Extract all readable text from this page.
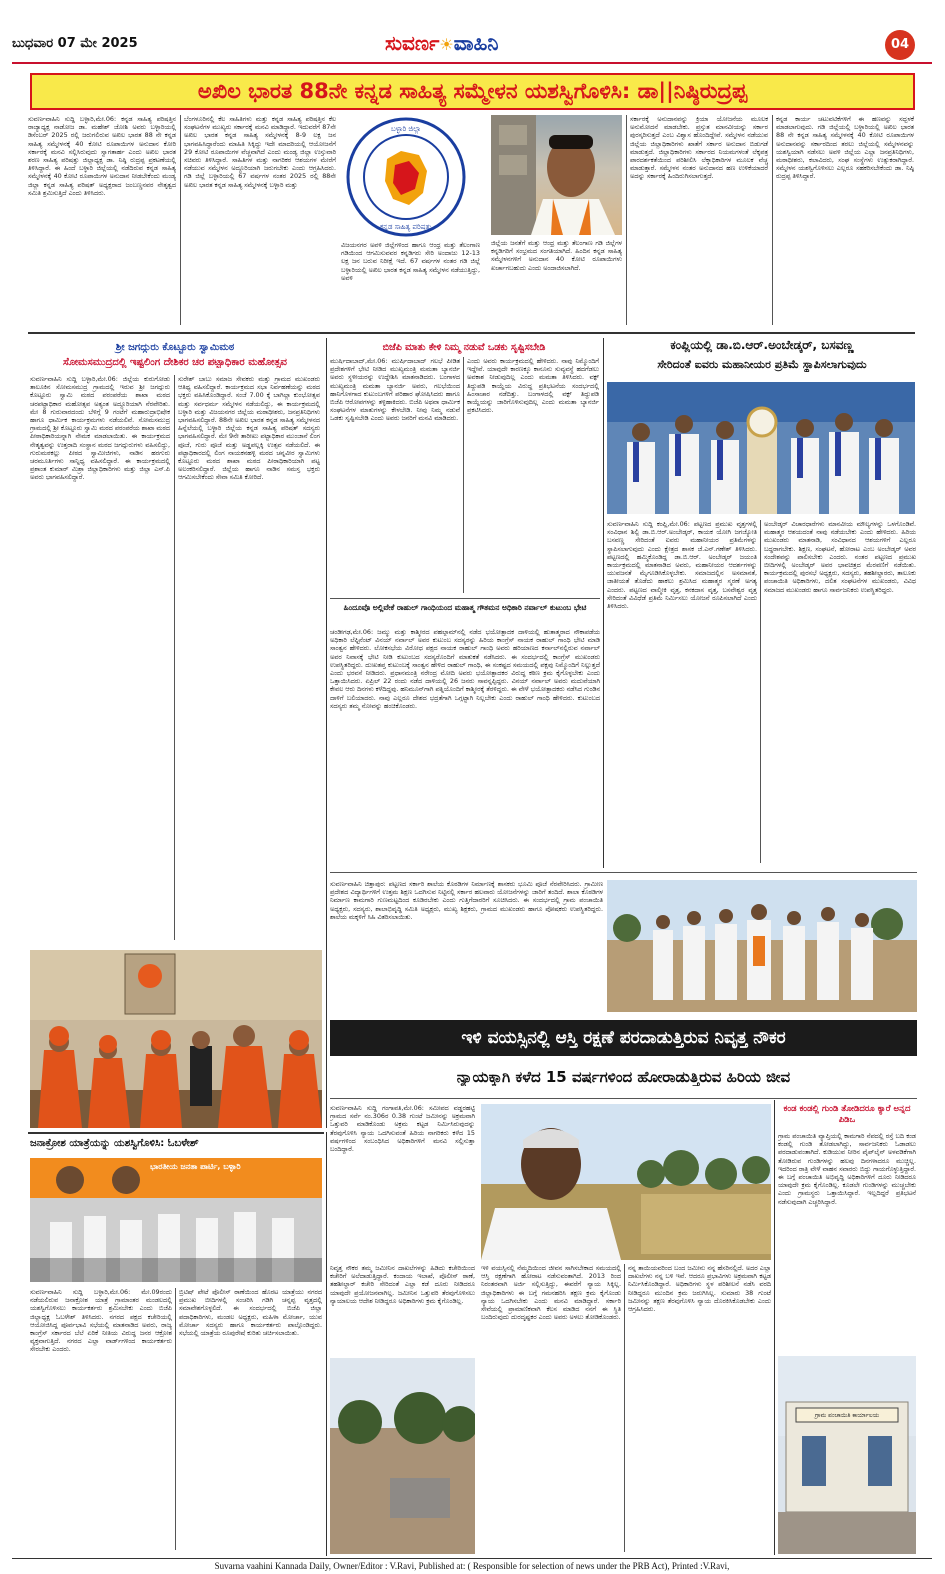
ಬುಧವಾರ 07 ಮೇ 2025	ಸುವರ್ಣ☀ವಾಹಿನಿ	04
ಅಖಿಲ ಭಾರತ 88ನೇ ಕನ್ನಡ ಸಾಹಿತ್ಯ ಸಮ್ಮೇಳನ ಯಶಸ್ವಿಗೊಳಿಸಿ: ಡಾ||ನಿಷ್ಠಿರುದ್ರಪ್ಪ
ಸುವರ್ಣವಾಹಿನಿ ಸುದ್ದಿ ಬಳ್ಳಾರಿ,ಮೇ.06: ಕನ್ನಡ ಸಾಹಿತ್ಯ ಪರಿಷತ್ತಿನ ರಾಜ್ಯಾಧ್ಯಕ್ಷ ನಾಡೋಜ ಡಾ. ಮಹೇಶ್ ಜೋಶಿ ಅವರು ಬಳ್ಳಾರಿಯಲ್ಲಿ ಡಿಸೆಂಬರ್ 2025 ರಲ್ಲಿ ಜರುಗಲಿರುವ ಅಖಿಲ ಭಾರತ 88 ನೇ ಕನ್ನಡ ಸಾಹಿತ್ಯ ಸಮ್ಮೇಳನಕ್ಕೆ 40 ಕೋಟಿ ರೂಪಾಯಿಗಳ ಅನುದಾನ ಕೋರಿ ಸರ್ಕಾರಕ್ಕೆ ಮನವಿ ಸಲ್ಲಿಸಿರುವುದು ಸ್ವಾಗತಾರ್ಹ ಎಂದು ಅಖಿಲ ಭಾರತ ಶರಣ ಸಾಹಿತ್ಯ ಪರಿಷತ್ತು ಜಿಲ್ಲಾಧ್ಯಕ್ಷ ಡಾ. ನಿಷ್ಠಿ ರುದ್ರಪ್ಪ ಪ್ರಕಟಣೆಯಲ್ಲಿ ತಿಳಿಸಿದ್ದಾರೆ. ಈ ಹಿಂದೆ ಬಳ್ಳಾರಿ ಜಿಲ್ಲೆಯಲ್ಲಿ ನಡೆದಿರುವ ಕನ್ನಡ ಸಾಹಿತ್ಯ ಸಮ್ಮೇಳನಕ್ಕೆ 40 ಕೋಟಿ ರೂಪಾಯಿಗಳ ಅನುದಾನ ನೀಡಬೇಕೆಂದು ಮಂಡ್ಯ ಜಿಲ್ಲಾ ಕನ್ನಡ ಸಾಹಿತ್ಯ ಪರಿಷತ್ ಅಧ್ಯಕ್ಷರಾದ ಜಂಬಣ್ಣನವರ ನೇತೃತ್ವದ ಸಮಿತಿ ಶ್ರಮಿಸುತ್ತಿದೆ ಎಂದು ತಿಳಿಸಿದರು.
ಬೆಂಗಳೂರಿನಲ್ಲಿ ಕೆಲ ಸಾಹಿತಿಗಳು ಮತ್ತು ಕನ್ನಡ ಸಾಹಿತ್ಯ ಪರಿಷತ್ತಿನ ಕೆಲ ಸಂಘಟನೆಗಳ ಮುಖ್ಯರು ಸರ್ಕಾರಕ್ಕೆ ಮನವಿ ಮಾಡಿದ್ದಾರೆ. ಇದುವರೆಗೆ 87ನೇ ಅಖಿಲ ಭಾರತ ಕನ್ನಡ ಸಾಹಿತ್ಯ ಸಮ್ಮೇಳನಕ್ಕೆ 8-9 ಲಕ್ಷ ಜನ ಭಾಗವಹಿಸಿದ್ದಾರೆಂದು ಮಾಹಿತಿ ಸಿಕ್ಕಿದ್ದು ಇದೇ ಮಾದರಿಯಲ್ಲಿ ಆಯೋಜನೆಗೆ 29 ಕೋಟಿ ರೂಪಾಯಿಗಳ ವೆಚ್ಚವಾಗಿದೆ ಎಂದು ಮಂಡ್ಯ ಜಿಲ್ಲಾ ಉಸ್ತುವಾರಿ ಸಚಿವರು ತಿಳಿಸಿದ್ದಾರೆ. ಸಾಹಿತಿಗಳ ಮತ್ತು ನಾಗರಿಕರ ಆಶಯಗಳ ಮೇರೆಗೆ ನಡೆಯುವ ಸಮ್ಮೇಳನ ಅದ್ದೂರಿಯಾಗಿ ಜರುಗಬೇಕು ಎಂದು ಆಗ್ರಹಿಸಿದರು. ಗಡಿ ಜಿಲ್ಲೆ ಬಳ್ಳಾರಿಯಲ್ಲಿ 67 ವರ್ಷಗಳ ನಂತರ 2025 ರಲ್ಲಿ 88ನೇ ಅಖಿಲ ಭಾರತ ಕನ್ನಡ ಸಾಹಿತ್ಯ ಸಮ್ಮೇಳನಕ್ಕೆ ಬಳ್ಳಾರಿ ಮತ್ತು
ಬಳ್ಳಾರಿ ಜಿಲ್ಲಾ
ಕನ್ನಡ ಸಾಹಿತ್ಯ ಪರಿಷತ್ತು
ವಿಜಯನಗರ ಅವಳಿ ಜಿಲ್ಲೆಗಳಿಂದ ಹಾಗೂ ಆಂಧ್ರ ಮತ್ತು ತೆಲಂಗಾಣ ಗಡಿಯಿಂದ ಆಗಮಿಸುವವರ ಕನ್ನಡಿಗರು ಸೇರಿ ಅಂದಾಜು 12-13 ಲಕ್ಷ ಜನ ಬರುವ ನಿರೀಕ್ಷೆ ಇದೆ. 67 ವರ್ಷಗಳ ನಂತರ ಗಡಿ ಜಿಲ್ಲೆ ಬಳ್ಳಾರಿಯಲ್ಲಿ ಅಖಿಲ ಭಾರತ ಕನ್ನಡ ಸಾಹಿತ್ಯ ಸಮ್ಮೇಳನ ನಡೆಯುತ್ತಿದ್ದು, ಅವಳಿ
ಜಿಲ್ಲೆಯ ಜನತೆಗೆ ಮತ್ತು ಆಂಧ್ರ ಮತ್ತು ತೆಲಂಗಾಣ ಗಡಿ ಜಿಲ್ಲೆಗಳ ಕನ್ನಡಿಗರಿಗೆ ಸಂಭ್ರಮದ ಸಂಗತಿಯಾಗಿದೆ. ಹಿಂದಿನ ಕನ್ನಡ ಸಾಹಿತ್ಯ ಸಮ್ಮೇಳನಗಳಿಗೆ ಅನುದಾನ 40 ಕೋಟಿ ರೂಪಾಯಿಗಳು ಖರ್ಚಾಗಬಹುದು ಎಂದು ಅಂದಾಜಿಸಲಾಗಿದೆ.
ಸರ್ಕಾರಕ್ಕೆ ಅನುದಾನವನ್ನು ಕ್ರಿಯಾ ಯೋಜನೆಯ ಮೂಲಕ ಅನುಮೋದನೆ ಮಾಡಬೇಕು. ಪ್ರಸ್ತುತ ಮಾನವೀಯನ್ನು ಸರ್ಕಾರ ಪುರಸ್ಕರಿಸುತ್ತದೆ ಎಂಬ ವಿಶ್ವಾಸ ಹೊಂದಿದ್ದೇವೆ. ಸಮ್ಮೇಳನ ನಡೆಯುವ ಜಿಲ್ಲೆಯ ಜಿಲ್ಲಾಧಿಕಾರಿಗಳು ಖಾತೆಗೆ ಸರ್ಕಾರ ಅನುದಾನ ಬಿಡುಗಡೆ ಮಾಡುತ್ತದೆ. ಜಿಲ್ಲಾಧಿಕಾರಿಗಳು ಸರ್ಕಾರದ ನಿಯಮಗಳಂತೆ ಲೆಕ್ಕಪತ್ರ ಪಾರದರ್ಶಕತೆಯಿಂದ ಪರಿಶೀಲಿಸಿ ಲೆಕ್ಕಾಧಿಕಾರಿಗಳ ಮೂಲಕ ವೆಚ್ಚ ಮಾಡುತ್ತಾರೆ. ಸಮ್ಮೇಳನ ನಂತರ ಅನುದಾನದ ಹಣ ಉಳಿಕೆಯಾದರೆ ಅದನ್ನು ಸರ್ಕಾರಕ್ಕೆ ಹಿಂದಿರುಗಿಸಲಾಗುತ್ತದೆ.
ಕನ್ನಡ ಕಾರ್ಯ ಚಟುವಟಿಕೆಗಳಿಗೆ ಈ ಹಣವನ್ನು ಸದ್ಬಳಕೆ ಮಾಡಲಾಗುವುದು. ಗಡಿ ಜಿಲ್ಲೆಯಲ್ಲಿ ಬಳ್ಳಾರಿಯಲ್ಲಿ ಅಖಿಲ ಭಾರತ 88 ನೇ ಕನ್ನಡ ಸಾಹಿತ್ಯ ಸಮ್ಮೇಳನಕ್ಕೆ 40 ಕೋಟಿ ರೂಪಾಯಿಗಳ ಅನುದಾನವನ್ನು ಸರ್ಕಾರದಿಂದ ತರಲು ಜಿಲ್ಲೆಯಲ್ಲಿ ಸಮ್ಮೇಳನವನ್ನು ಯಶಸ್ವಿಯಾಗಿ ನಡೆಸಲು ಅವಳಿ ಜಿಲ್ಲೆಯ ಎಲ್ಲಾ ಜನಪ್ರತಿನಿಧಿಗಳು, ಮಠಾಧೀಶರು, ಕಲಾವಿದರು, ಸಂಘ ಸಂಸ್ಥೆಗಳು ಉತ್ಸುಕರಾಗಿದ್ದಾರೆ. ಸಮ್ಮೇಳನ ಯಶಸ್ವಿಗೊಳಿಸಲು ಎಲ್ಲರೂ ಸಹಕರಿಸಬೇಕೆಂದು ಡಾ. ನಿಷ್ಠಿ ರುದ್ರಪ್ಪ ತಿಳಿಸಿದ್ದಾರೆ.
ಶ್ರೀ ಜಗದ್ಗುರು ಕೊಟ್ಟೂರು ಸ್ವಾಮಿಮಠ
ಸೋಮಸಮುದ್ರದಲ್ಲಿ ಇಷ್ಟಲಿಂಗ ದೇಶಿಕರ ಚರ ಪಟ್ಟಾಧಿಕಾರ ಮಹೋತ್ಸವ
ಸುವರ್ಣವಾಹಿನಿ ಸುದ್ದಿ ಬಳ್ಳಾರಿ,ಮೇ.06: ಜಿಲ್ಲೆಯ ಕುರುಗೋಡು ತಾಲೂಕಿನ ಸೋಮಸಮುದ್ರ ಗ್ರಾಮದಲ್ಲಿ ಇರುವ ಶ್ರೀ ಜಗದ್ಗುರು ಕೊಟ್ಟೂರು ಸ್ವಾಮಿ ಮಠದ ಪರಂಪರೆಯ ಶಾಖಾ ಮಠದ ಚರಪಟ್ಟಾಧಿಕಾರ ಮಹೋತ್ಸವ ಅತ್ಯಂತ ಅದ್ದೂರಿಯಾಗಿ ನೆರವೇರಿತು. ಮೇ 8 ಗುರುವಾರದಂದು ಬೆಳಿಗ್ಗೆ 9 ಗಂಟೆಗೆ ಮಹಾರುದ್ರಾಭಿಷೇಕ ಹಾಗೂ ಧಾರ್ಮಿಕ ಕಾರ್ಯಕ್ರಮಗಳು ನಡೆಯಲಿವೆ. ಸೋಮಸಮುದ್ರ ಗ್ರಾಮದಲ್ಲಿ ಶ್ರೀ ಕೊಟ್ಟೂರು ಸ್ವಾಮಿ ಮಠದ ಪರಂಪರೆಯ ಶಾಖಾ ಮಠದ ಪೀಠಾಧಿಕಾರಿಯನ್ನಾಗಿ ನೇಮಕ ಮಾಡಲಾಯಿತು. ಈ ಕಾರ್ಯಕ್ರಮದ ನೇತೃತ್ವವನ್ನು ಉತ್ತರಾದಿ ಸಂಸ್ಥಾನ ಮಠದ ಜಗದ್ಗುರುಗಳು ವಹಿಸಲಿದ್ದು, ಗುರುಮಠಕಲ್ಲು ಪೀಠದ ಸ್ವಾಮೀಜಿಗಳು, ನಾಡಿನ ಹರಗುರು ಚರಮೂರ್ತಿಗಳು ಸಾನ್ನಿಧ್ಯ ವಹಿಸಲಿದ್ದಾರೆ. ಈ ಕಾರ್ಯಕ್ರಮದಲ್ಲಿ ಪ್ರಶಾಂತ ಕುಮಾರ್ ಮಿಶ್ರಾ ಜಿಲ್ಲಾಧಿಕಾರಿಗಳು ಮತ್ತು ಜಿಲ್ಲಾ ಎಸ್.ಪಿ ಅವರು ಭಾಗವಹಿಸಲಿದ್ದಾರೆ.
ಸುರೇಶ್ ಬಾಬು ಸಮಾಜ ಸೇವಕರು ಮತ್ತು ಗ್ರಾಮದ ಮುಖಂಡರು ಆತಿಥ್ಯ ವಹಿಸಲಿದ್ದಾರೆ. ಕಾರ್ಯಕ್ರಮದ ಸಭಾ ನಿರ್ವಹಣೆಯನ್ನು ಮಠದ ಭಕ್ತರು ವಹಿಸಿಕೊಂಡಿದ್ದಾರೆ. ಸಂಜೆ 7.00 ಕ್ಕೆ ಬಾಗಿಲ್ಲಾ ಕುಂಭೋತ್ಸವ ಮತ್ತು ಸರ್ವಧರ್ಮ ಸಮ್ಮೇಳನ ನಡೆಯಲಿದ್ದು, ಈ ಕಾರ್ಯಕ್ರಮದಲ್ಲಿ ಬಳ್ಳಾರಿ ಮತ್ತು ವಿಜಯನಗರ ಜಿಲ್ಲೆಯ ಮಠಾಧೀಶರು, ಜನಪ್ರತಿನಿಧಿಗಳು ಭಾಗವಹಿಸಲಿದ್ದಾರೆ. 88ನೇ ಅಖಿಲ ಭಾರತ ಕನ್ನಡ ಸಾಹಿತ್ಯ ಸಮ್ಮೇಳನದ ಹಿನ್ನೆಲೆಯಲ್ಲಿ ಬಳ್ಳಾರಿ ಜಿಲ್ಲೆಯ ಕನ್ನಡ ಸಾಹಿತ್ಯ ಪರಿಷತ್ ಸದಸ್ಯರು ಭಾಗವಹಿಸಲಿದ್ದಾರೆ. ಮೇ 9ನೇ ತಾರೀಖು ಪಟ್ಟಾಧಿಕಾರ ಮುಂಜಾನೆ ಲಿಂಗ ಪೂಜೆ, ಗುರು ಪೂಜೆ ಮತ್ತು ಅಡ್ಡಪಲ್ಲಕ್ಕಿ ಉತ್ಸವ ನಡೆಯಲಿದೆ. ಈ ಪಟ್ಟಾಧಿಕಾರದಲ್ಲಿ ಲಿಂಗ ನಾಯಕನಹಳ್ಳಿ ಮಠದ ಚನ್ನವೀರ ಸ್ವಾಮಿಗಳು ಕೊಟ್ಟೂರು ಮಠದ ಶಾಖಾ ಮಠದ ಪೀಠಾಧಿಕಾರಿಯಾಗಿ ಪಟ್ಟ ಅಲಂಕರಿಸಲಿದ್ದಾರೆ. ಜಿಲ್ಲೆಯ ಹಾಗೂ ನಾಡಿನ ಸಮಸ್ತ ಭಕ್ತರು ಆಗಮಿಸಬೇಕೆಂದು ಸೇವಾ ಸಮಿತಿ ಕೋರಿದೆ.
ಬಿಜೆಪಿ ಮಾತು ಕೇಳಿ ನಿಮ್ಮ ನಡುವೆ ಒಡಕು ಸೃಷ್ಟಿಸಬೇಡಿ
ಮುರ್ಷಿದಾಬಾದ್,ಮೇ.06: ಮುರ್ಷಿದಾಬಾದ್ ಗಲಭೆ ಪೀಡಿತ ಪ್ರದೇಶಗಳಿಗೆ ಭೇಟಿ ನೀಡಿದ ಮುಖ್ಯಮಂತ್ರಿ ಮಮತಾ ಬ್ಯಾನರ್ಜಿ ಅವರು ಸ್ಥಳೀಯರನ್ನು ಉದ್ದೇಶಿಸಿ ಮಾತನಾಡಿದರು. ಬಂಗಾಳದ ಮುಖ್ಯಮಂತ್ರಿ ಮಮತಾ ಬ್ಯಾನರ್ಜಿ ಅವರು, ಗಲಭೆಯಿಂದ ಹಾನಿಗೊಳಗಾದ ಕುಟುಂಬಗಳಿಗೆ ಪರಿಹಾರ ಘೋಷಿಸಿದರು ಹಾಗೂ ಬಿಜೆಪಿ ಆರೋಪಗಳನ್ನು ತಳ್ಳಿಹಾಕಿದರು. ಬಿಜೆಪಿ ಅಥವಾ ಧಾರ್ಮಿಕ ಸಂಘಟನೆಗಳ ಮಾತುಗಳನ್ನು ಕೇಳಬೇಡಿ. ನೀವು ನಿಮ್ಮ ನಡುವೆ ಒಡಕು ಸೃಷ್ಟಿಸಬೇಡಿ ಎಂದು ಅವರು ಜನರಿಗೆ ಮನವಿ ಮಾಡಿದರು.
ಎಂದು ಅವರು ಕಾರ್ಯಕ್ರಮದಲ್ಲಿ ಹೇಳಿದರು. ನಾವು ನಿಮ್ಮೊಂದಿಗೆ ಇದ್ದೇವೆ. ಯಾವುದೇ ಕಾರಣಕ್ಕೂ ಕಾನೂನು ಸುವ್ಯವಸ್ಥೆ ಹದಗೆಡಲು ಅವಕಾಶ ನೀಡುವುದಿಲ್ಲ ಎಂದು ಮಮತಾ ತಿಳಿಸಿದರು. ವಕ್ಫ್ ತಿದ್ದುಪಡಿ ಕಾಯ್ದೆಯ ವಿರುದ್ಧ ಪ್ರತಿಭಟನೆಯ ಸಂದರ್ಭದಲ್ಲಿ ಹಿಂಸಾಚಾರ ನಡೆದಿತ್ತು. ಬಂಗಾಳದಲ್ಲಿ ವಕ್ಫ್ ತಿದ್ದುಪಡಿ ಕಾಯ್ದೆಯನ್ನು ಜಾರಿಗೊಳಿಸುವುದಿಲ್ಲ ಎಂದು ಮಮತಾ ಬ್ಯಾನರ್ಜಿ ಪ್ರಕಟಿಸಿದರು.
ಹಿಂದೂವೊ ಅಲ್ಲಿವೇಕೆ ರಾಹುಲ್ ಗಾಂಧಿಯಂದ ಮಹಾತ್ಮ ಗೌತಮನ ಅಧಿಕಾರಿ ನರ್ವಾಲ್ ಕುಟುಂಬ ಭೇಟಿ
ಚಂಡೀಗಢ,ಮೇ.06: ಜಮ್ಮು ಮತ್ತು ಕಾಶ್ಮೀರದ ಪಹಲ್ಗಾಮ್‌ನಲ್ಲಿ ನಡೆದ ಭಯೋತ್ಪಾದಕ ದಾಳಿಯಲ್ಲಿ ಹುತಾತ್ಮರಾದ ನೌಕಾಪಡೆಯ ಅಧಿಕಾರಿ ಲೆಫ್ಟಿನೆಂಟ್ ವಿನಯ್ ನರ್ವಾಲ್ ಅವರ ಕುಟುಂಬ ಸದಸ್ಯರನ್ನು ಹಿರಿಯ ಕಾಂಗ್ರೆಸ್ ನಾಯಕ ರಾಹುಲ್ ಗಾಂಧಿ ಭೇಟಿ ಮಾಡಿ ಸಾಂತ್ವನ ಹೇಳಿದರು. ಲೋಕಸಭೆಯ ವಿರೋಧ ಪಕ್ಷದ ನಾಯಕ ರಾಹುಲ್ ಗಾಂಧಿ ಅವರು ಹರಿಯಾಣದ ಕರ್ನಾಲ್‌ನಲ್ಲಿರುವ ನರ್ವಾಲ್ ಅವರ ನಿವಾಸಕ್ಕೆ ಭೇಟಿ ನೀಡಿ ಕುಟುಂಬದ ಸದಸ್ಯರೊಂದಿಗೆ ಮಾತುಕತೆ ನಡೆಸಿದರು. ಈ ಸಂದರ್ಭದಲ್ಲಿ ಕಾಂಗ್ರೆಸ್ ಮುಖಂಡರು ಉಪಸ್ಥಿತರಿದ್ದರು. ದುಃಖತಪ್ತ ಕುಟುಂಬಕ್ಕೆ ಸಾಂತ್ವನ ಹೇಳಿದ ರಾಹುಲ್ ಗಾಂಧಿ, ಈ ಸಂಕಷ್ಟದ ಸಮಯದಲ್ಲಿ ಪಕ್ಷವು ನಿಮ್ಮೊಂದಿಗೆ ನಿಲ್ಲುತ್ತದೆ ಎಂದು ಭರವಸೆ ನೀಡಿದರು. ಪ್ರಧಾನಮಂತ್ರಿ ನರೇಂದ್ರ ಮೋದಿ ಅವರು ಭಯೋತ್ಪಾದಕರ ವಿರುದ್ಧ ಕಠಿಣ ಕ್ರಮ ಕೈಗೊಳ್ಳಬೇಕು ಎಂದು ಒತ್ತಾಯಿಸಿದರು. ಏಪ್ರಿಲ್ 22 ರಂದು ನಡೆದ ದಾಳಿಯಲ್ಲಿ 26 ಜನರು ಸಾವನ್ನಪ್ಪಿದ್ದರು. ವಿನಯ್ ನರ್ವಾಲ್ ಅವರು ಮದುವೆಯಾಗಿ ಕೇವಲ ಆರು ದಿನಗಳು ಕಳೆದಿದ್ದವು. ಹನಿಮೂನ್‌ಗಾಗಿ ಪತ್ನಿಯೊಂದಿಗೆ ಕಾಶ್ಮೀರಕ್ಕೆ ತೆರಳಿದ್ದರು. ಈ ವೇಳೆ ಭಯೋತ್ಪಾದಕರು ನಡೆಸಿದ ಗುಂಡಿನ ದಾಳಿಗೆ ಬಲಿಯಾದರು. ನಾವು ಎಲ್ಲರೂ ದೇಶದ ಭದ್ರತೆಗಾಗಿ ಒಗ್ಗಟ್ಟಾಗಿ ನಿಲ್ಲಬೇಕು ಎಂದು ರಾಹುಲ್ ಗಾಂಧಿ ಹೇಳಿದರು. ಕುಟುಂಬದ ಸದಸ್ಯರು ತಮ್ಮ ನೋವನ್ನು ಹಂಚಿಕೊಂಡರು.
ಕಂಪ್ಲಿಯಲ್ಲಿ ಡಾ.ಬಿ.ಆರ್.ಅಂಬೇಡ್ಕರ್, ಬಸವಣ್ಣ
ಸೇರಿದಂತೆ ಐವರು ಮಹಾನೀಯರ ಪ್ರತಿಮೆ ಸ್ಥಾಪಿಸಲಾಗುವುದು
ಸುವರ್ಣವಾಹಿನಿ ಸುದ್ದಿ ಕಂಪ್ಲಿ,ಮೇ.06: ಪಟ್ಟಣದ ಪ್ರಮುಖ ವೃತ್ತಗಳಲ್ಲಿ ಸಂವಿಧಾನ ಶಿಲ್ಪಿ ಡಾ.ಬಿ.ಆರ್.ಅಂಬೇಡ್ಕರ್, ಕಾಯಕ ಯೋಗಿ ಜಗಜ್ಯೋತಿ ಬಸವಣ್ಣ ಸೇರಿದಂತೆ ಐವರು ಮಹಾನೀಯರ ಪ್ರತಿಮೆಗಳನ್ನು ಸ್ಥಾಪಿಸಲಾಗುವುದು ಎಂದು ಕ್ಷೇತ್ರದ ಶಾಸಕ ಜೆ.ಎನ್.ಗಣೇಶ್ ತಿಳಿಸಿದರು. ಪಟ್ಟಣದಲ್ಲಿ ಹಮ್ಮಿಕೊಂಡಿದ್ದ ಡಾ.ಬಿ.ಆರ್. ಅಂಬೇಡ್ಕರ್ ಜಯಂತಿ ಕಾರ್ಯಕ್ರಮದಲ್ಲಿ ಮಾತನಾಡಿದ ಅವರು, ಮಹಾನೀಯರ ಆದರ್ಶಗಳನ್ನು ಯುವಜನತೆ ಮೈಗೂಡಿಸಿಕೊಳ್ಳಬೇಕು. ಸಮಾಜದಲ್ಲಿನ ಅಸಮಾನತೆ, ಜಾತೀಯತೆ ತೊಡೆದು ಹಾಕಲು ಶ್ರಮಿಸಿದ ಮಹಾತ್ಮರ ಸ್ಮರಣೆ ಅಗತ್ಯ ಎಂದರು. ಪಟ್ಟಣದ ವಾಲ್ಮೀಕಿ ವೃತ್ತ, ಕನಕದಾಸ ವೃತ್ತ, ಬಸವೇಶ್ವರ ವೃತ್ತ ಸೇರಿದಂತೆ ವಿವಿಧೆಡೆ ಪ್ರತಿಮೆ ನಿರ್ಮಿಸಲು ಯೋಜನೆ ರೂಪಿಸಲಾಗಿದೆ ಎಂದು ತಿಳಿಸಿದರು.
ಅಂಬೇಡ್ಕರ್ ವಿಚಾರಧಾರೆಗಳು ಮಾನವೀಯ ಮೌಲ್ಯಗಳನ್ನು ಒಳಗೊಂಡಿವೆ. ಮಹಾತ್ಮರ ಆಶಯದಂತೆ ನಾವು ನಡೆಯಬೇಕು ಎಂದು ಹೇಳಿದರು. ಹಿರಿಯ ಮುಖಂಡರು ಮಾತನಾಡಿ, ಸಂವಿಧಾನದ ಆಶಯಗಳಿಗೆ ಎಲ್ಲರೂ ಬದ್ಧರಾಗಬೇಕು. ಶಿಕ್ಷಣ, ಸಂಘಟನೆ, ಹೋರಾಟ ಎಂಬ ಅಂಬೇಡ್ಕರ್ ಅವರ ಸಂದೇಶವನ್ನು ಪಾಲಿಸಬೇಕು ಎಂದರು. ನಂತರ ಪಟ್ಟಣದ ಪ್ರಮುಖ ಬೀದಿಗಳಲ್ಲಿ ಅಂಬೇಡ್ಕರ್ ಅವರ ಭಾವಚಿತ್ರದ ಮೆರವಣಿಗೆ ನಡೆಯಿತು. ಕಾರ್ಯಕ್ರಮದಲ್ಲಿ ಪುರಸಭೆ ಅಧ್ಯಕ್ಷರು, ಸದಸ್ಯರು, ತಹಶೀಲ್ದಾರರು, ತಾಲೂಕು ಪಂಚಾಯಿತಿ ಅಧಿಕಾರಿಗಳು, ದಲಿತ ಸಂಘಟನೆಗಳ ಮುಖಂಡರು, ವಿವಿಧ ಸಮಾಜದ ಮುಖಂಡರು ಹಾಗೂ ಸಾರ್ವಜನಿಕರು ಉಪಸ್ಥಿತರಿದ್ದರು.
ಸುವರ್ಣವಾಹಿನಿ ಚಿತ್ತಾಪುರ: ಪಟ್ಟಣದ ಸರ್ಕಾರಿ ಶಾಲೆಯ ಕೊಠಡಿಗಳ ನಿರ್ಮಾಣಕ್ಕೆ ಶಾಸಕರು ಭೂಮಿ ಪೂಜೆ ನೆರವೇರಿಸಿದರು. ಗ್ರಾಮೀಣ ಪ್ರದೇಶದ ವಿದ್ಯಾರ್ಥಿಗಳಿಗೆ ಉತ್ತಮ ಶಿಕ್ಷಣ ಒದಗಿಸುವ ನಿಟ್ಟಿನಲ್ಲಿ ಸರ್ಕಾರ ಹಲವಾರು ಯೋಜನೆಗಳನ್ನು ಜಾರಿಗೆ ತಂದಿದೆ. ಶಾಲಾ ಕೊಠಡಿಗಳ ನಿರ್ಮಾಣ ಕಾಮಗಾರಿ ಗುಣಮಟ್ಟದಿಂದ ಕೂಡಿರಬೇಕು ಎಂದು ಗುತ್ತಿಗೆದಾರರಿಗೆ ಸೂಚಿಸಿದರು. ಈ ಸಂದರ್ಭದಲ್ಲಿ ಗ್ರಾಮ ಪಂಚಾಯಿತಿ ಅಧ್ಯಕ್ಷರು, ಸದಸ್ಯರು, ಶಾಲಾಭಿವೃದ್ಧಿ ಸಮಿತಿ ಅಧ್ಯಕ್ಷರು, ಮುಖ್ಯ ಶಿಕ್ಷಕರು, ಗ್ರಾಮದ ಮುಖಂಡರು ಹಾಗೂ ಪೋಷಕರು ಉಪಸ್ಥಿತರಿದ್ದರು. ಶಾಲೆಯ ಮಕ್ಕಳಿಗೆ ಸಿಹಿ ವಿತರಿಸಲಾಯಿತು.
ಇಳಿ ವಯಸ್ಸಿನಲ್ಲಿ ಆಸ್ತಿ ರಕ್ಷಣೆ ಪರದಾಡುತ್ತಿರುವ ನಿವೃತ್ತ ನೌಕರ
ನ್ಯಾಯಕ್ಕಾಗಿ ಕಳೆದ 15 ವರ್ಷಗಳಿಂದ ಹೋರಾಡುತ್ತಿರುವ ಹಿರಿಯ ಜೀವ
ಸುವರ್ಣವಾಹಿನಿ ಸುದ್ದಿ ಗಂಗಾವತಿ,ಮೇ.06: ಸಮೀಪದ ವಡ್ಡರಹಟ್ಟಿ ಗ್ರಾಮದ ಸರ್ವೆ ನಂ.306ರ 0.38 ಗುಂಟೆ ಜಮೀನನ್ನು ಅಕ್ರಮವಾಗಿ ಒತ್ತುವರಿ ಮಾಡಿಕೊಂಡು ಅಕ್ರಮ ಕಟ್ಟಡ ನಿರ್ಮಿಸಿರುವುದನ್ನು ತೆರವುಗೊಳಿಸಿ ನ್ಯಾಯ ಒದಗಿಸುವಂತೆ ಹಿರಿಯ ನಾಗರಿಕರು ಕಳೆದ 15 ವರ್ಷಗಳಿಂದ ಸಂಬಂಧಿಸಿದ ಅಧಿಕಾರಿಗಳಿಗೆ ಮನವಿ ಸಲ್ಲಿಸುತ್ತಾ ಬಂದಿದ್ದಾರೆ.
ನಿವೃತ್ತ ನೌಕರ ತಮ್ಮ ಜಮೀನಿನ ದಾಖಲೆಗಳನ್ನು ಹಿಡಿದು ಕಚೇರಿಯಿಂದ ಕಚೇರಿಗೆ ಅಲೆದಾಡುತ್ತಿದ್ದಾರೆ. ಕಂದಾಯ ಇಲಾಖೆ, ಪೊಲೀಸ್ ಠಾಣೆ, ತಹಶೀಲ್ದಾರ್ ಕಚೇರಿ ಸೇರಿದಂತೆ ಎಲ್ಲಾ ಕಡೆ ದೂರು ನೀಡಿದರೂ ಯಾವುದೇ ಪ್ರಯೋಜನವಾಗಿಲ್ಲ. ಜಮೀನಿನ ಒತ್ತುವರಿ ತೆರವುಗೊಳಿಸಲು ನ್ಯಾಯಾಲಯ ಆದೇಶ ನೀಡಿದ್ದರೂ ಅಧಿಕಾರಿಗಳು ಕ್ರಮ ಕೈಗೊಂಡಿಲ್ಲ.
ಇಳಿ ವಯಸ್ಸಿನಲ್ಲಿ ನೆಮ್ಮದಿಯಿಂದ ಜೀವನ ಸಾಗಿಸಬೇಕಾದ ಸಮಯದಲ್ಲಿ ಆಸ್ತಿ ರಕ್ಷಣೆಗಾಗಿ ಹೋರಾಟ ನಡೆಸುವಂತಾಗಿದೆ. 2013 ರಿಂದ ನಿರಂತರವಾಗಿ ಅರ್ಜಿ ಸಲ್ಲಿಸುತ್ತಿದ್ದು, ಈವರೆಗೆ ನ್ಯಾಯ ಸಿಕ್ಕಿಲ್ಲ. ಜಿಲ್ಲಾಧಿಕಾರಿಗಳು ಈ ಬಗ್ಗೆ ಗಮನಹರಿಸಿ ತಕ್ಷಣ ಕ್ರಮ ಕೈಗೊಂಡು ನ್ಯಾಯ ಒದಗಿಸಬೇಕು ಎಂದು ಮನವಿ ಮಾಡಿದ್ದಾರೆ. ಸರ್ಕಾರಿ ಸೇವೆಯಲ್ಲಿ ಪ್ರಾಮಾಣಿಕವಾಗಿ ಕೆಲಸ ಮಾಡಿದ ನನಗೆ ಈ ಸ್ಥಿತಿ ಬಂದಿರುವುದು ದುರದೃಷ್ಟಕರ ಎಂದು ಅವರು ಅಳಲು ತೋಡಿಕೊಂಡರು.
ನನ್ನ ತಾಯಿಯವರಿಂದ ಬಂದ ಜಮೀನು ನನ್ನ ಹೆಸರಿನಲ್ಲಿದೆ. ಅದರ ಎಲ್ಲಾ ದಾಖಲೆಗಳು ನನ್ನ ಬಳಿ ಇವೆ. ಆದರೂ ಪ್ರಭಾವಿಗಳು ಅಕ್ರಮವಾಗಿ ಕಟ್ಟಡ ನಿರ್ಮಿಸಿಕೊಂಡಿದ್ದಾರೆ. ಅಧಿಕಾರಿಗಳು ಸ್ಥಳ ಪರಿಶೀಲನೆ ನಡೆಸಿ ವರದಿ ನೀಡಿದ್ದರೂ ಮುಂದಿನ ಕ್ರಮ ಜರುಗಿಸಿಲ್ಲ. ಸುಮಾರು 38 ಗುಂಟೆ ಜಮೀನನ್ನು ತಕ್ಷಣ ತೆರವುಗೊಳಿಸಿ ನ್ಯಾಯ ದೊರಕಿಸಿಕೊಡಬೇಕು ಎಂದು ಆಗ್ರಹಿಸಿದರು.
ಕಂಡ ಕಂಡಲ್ಲಿ ಗುಂಡಿ ತೋಡಿದರೂ ಕ್ಯಾರೆ ಅನ್ನದ ಪಿಡಿಒ
ಗ್ರಾಮ ಪಂಚಾಯಿತಿ ವ್ಯಾಪ್ತಿಯಲ್ಲಿ ಕಾಮಗಾರಿ ನೆಪದಲ್ಲಿ ರಸ್ತೆ ಬದಿ ಕಂಡ ಕಂಡಲ್ಲಿ ಗುಂಡಿ ತೋಡಲಾಗಿದ್ದು, ಸಾರ್ವಜನಿಕರು ಓಡಾಡಲು ಪರದಾಡುವಂತಾಗಿದೆ. ಕುಡಿಯುವ ನೀರಿನ ಪೈಪ್‌ಲೈನ್ ಅಳವಡಿಕೆಗಾಗಿ ತೋಡಿರುವ ಗುಂಡಿಗಳನ್ನು ಹಲವು ದಿನಗಳಾದರೂ ಮುಚ್ಚಿಲ್ಲ. ಇದರಿಂದ ರಾತ್ರಿ ವೇಳೆ ವಾಹನ ಸವಾರರು ಬಿದ್ದು ಗಾಯಗೊಳ್ಳುತ್ತಿದ್ದಾರೆ. ಈ ಬಗ್ಗೆ ಪಂಚಾಯಿತಿ ಅಭಿವೃದ್ಧಿ ಅಧಿಕಾರಿಗಳಿಗೆ ದೂರು ನೀಡಿದರೂ ಯಾವುದೇ ಕ್ರಮ ಕೈಗೊಂಡಿಲ್ಲ. ಕೂಡಲೇ ಗುಂಡಿಗಳನ್ನು ಮುಚ್ಚಬೇಕು ಎಂದು ಗ್ರಾಮಸ್ಥರು ಒತ್ತಾಯಿಸಿದ್ದಾರೆ. ಇಲ್ಲದಿದ್ದರೆ ಪ್ರತಿಭಟನೆ ನಡೆಸುವುದಾಗಿ ಎಚ್ಚರಿಸಿದ್ದಾರೆ.
ಗ್ರಾಮ ಪಂಚಾಯಿತಿ ಕಾರ್ಯಾಲಯ
ಜನಾಕ್ರೋಶ ಯಾತ್ರೆಯನ್ನು ಯಶಸ್ವಿಗೊಳಿಸಿ: ಓಬಳೇಶ್
ಭಾರತೀಯ ಜನತಾ ಪಾರ್ಟಿ, ಬಳ್ಳಾರಿ
ಸುವರ್ಣವಾಹಿನಿ ಸುದ್ದಿ ಬಳ್ಳಾರಿ,ಮೇ.06: ಮೇ.09ರಂದು ನಡೆಯಲಿರುವ ಜನಾಕ್ರೋಶ ಯಾತ್ರೆ ಗ್ರಾಮಾಂತರ ಮಂಡಲದಲ್ಲಿ ಯಶಸ್ವಿಗೊಳಿಸಲು ಕಾರ್ಯಕರ್ತರು ಶ್ರಮಿಸಬೇಕು ಎಂದು ಬಿಜೆಪಿ ಜಿಲ್ಲಾಧ್ಯಕ್ಷ ಓಬಳೇಶ್ ತಿಳಿಸಿದರು. ನಗರದ ಪಕ್ಷದ ಕಚೇರಿಯಲ್ಲಿ ಆಯೋಜಿಸಿದ್ದ ಪೂರ್ವಭಾವಿ ಸಭೆಯಲ್ಲಿ ಮಾತನಾಡಿದ ಅವರು, ರಾಜ್ಯ ಕಾಂಗ್ರೆಸ್ ಸರ್ಕಾರದ ಬೆಲೆ ಏರಿಕೆ ನೀತಿಯ ವಿರುದ್ಧ ಜನರ ಆಕ್ರೋಶ ವ್ಯಕ್ತವಾಗುತ್ತಿದೆ. ನಗರದ ಎಲ್ಲಾ ವಾರ್ಡ್‌ಗಳಿಂದ ಕಾರ್ಯಕರ್ತರು ಸೇರಬೇಕು ಎಂದರು.
ಬ್ರಿಟಿಷ್ ಪೇಟೆ ಪೊಲೀಸ್ ಠಾಣೆಯಿಂದ ಹೊರಟ ಯಾತ್ರೆಯು ನಗರದ ಪ್ರಮುಖ ಬೀದಿಗಳಲ್ಲಿ ಸಂಚರಿಸಿ ಗಡಿಗಿ ಚನ್ನಪ್ಪ ವೃತ್ತದಲ್ಲಿ ಸಮಾವೇಶಗೊಳ್ಳಲಿದೆ. ಈ ಸಂದರ್ಭದಲ್ಲಿ ಬಿಜೆಪಿ ಜಿಲ್ಲಾ ಪದಾಧಿಕಾರಿಗಳು, ಮಂಡಲ ಅಧ್ಯಕ್ಷರು, ಮಹಿಳಾ ಮೋರ್ಚಾ, ಯುವ ಮೋರ್ಚಾ ಸದಸ್ಯರು ಹಾಗೂ ಕಾರ್ಯಕರ್ತರು ಪಾಲ್ಗೊಂಡಿದ್ದರು. ಸಭೆಯಲ್ಲಿ ಯಾತ್ರೆಯ ರೂಪುರೇಷೆ ಕುರಿತು ಚರ್ಚಿಸಲಾಯಿತು.
Suvarna vaahini Kannada Daily, Owner/Editor : V.Ravi, Published at: ( Responsible for selection of news under the PRB Act), Printed :V.Ravi,
